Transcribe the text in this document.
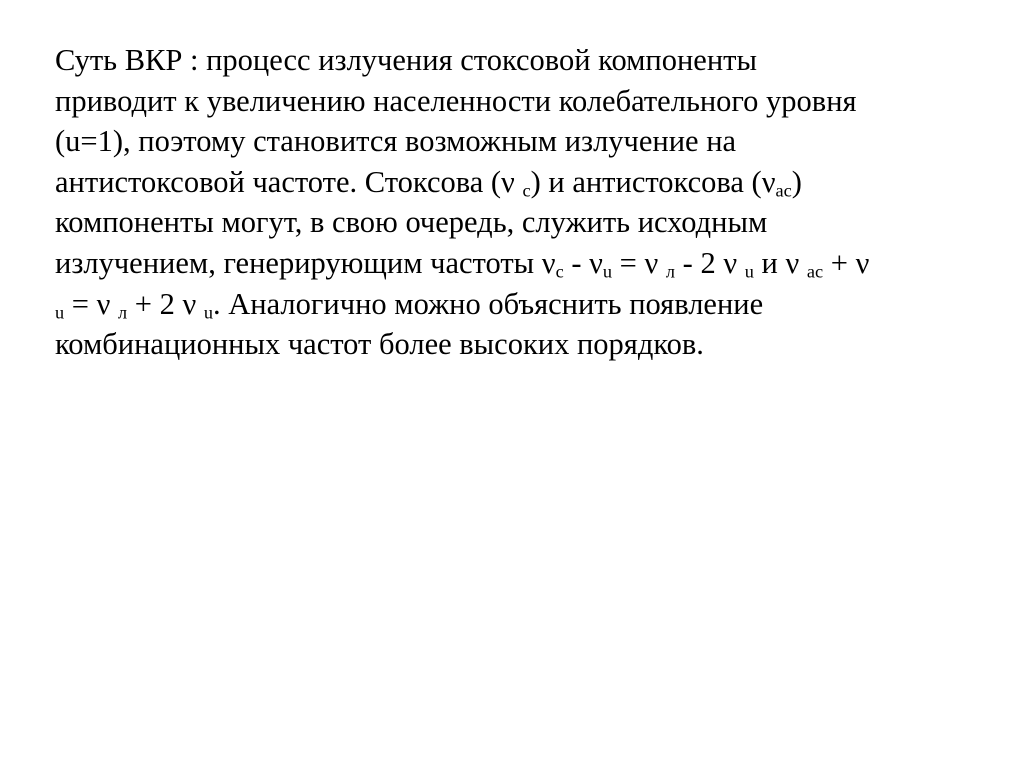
Суть ВКР : процесс излучения стоксовой компоненты
приводит к увеличению населенности колебательного уровня
(u=1), поэтому становится возможным излучение на
антистоксовой частоте. Стоксова (ν $_с$) и антистоксова $(\nu_{ас})$
компоненты могут, в свою очередь, служить исходным
излучением, генерирующим частоты $\nu_с - \nu_u = \nu$ $_л$ - 2 ν $_u$ и ν $_{ас}$ + ν
$_u$ = ν $_л$ + 2 ν $_u$. Аналогично можно объяснить появление
комбинационных частот более высоких порядков.
